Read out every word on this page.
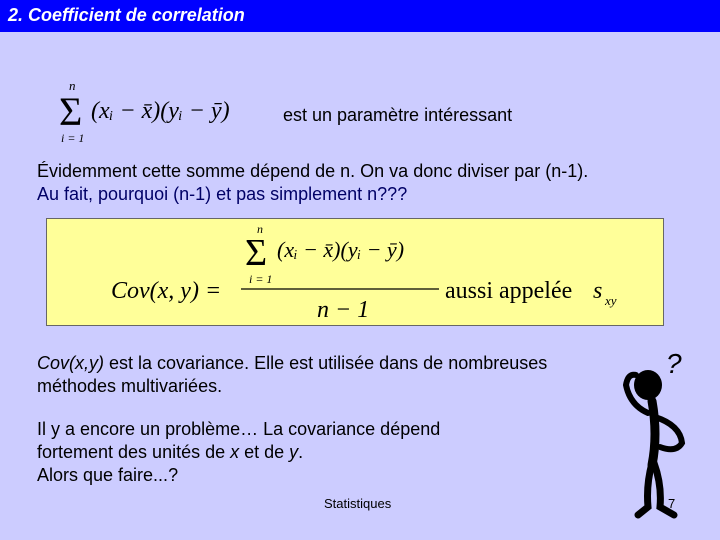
2. Coefficient de correlation
n
Σ
i = 1
(xᵢ − x̄)(yᵢ − ȳ)	est un paramètre intéressant
Évidemment cette somme dépend de n. On va donc diviser par (n-1).
Au fait, pourquoi (n-1) et pas simplement n???
Cov(x, y) =
n
Σ
i = 1
(xᵢ − x̄)(yᵢ − ȳ)
n − 1
aussi appelée s xy
Cov(x,y) est la covariance. Elle est utilisée dans de nombreuses méthodes multivariées.
Il y a encore un problème… La covariance dépend fortement des unités de x et de y.
Alors que faire...?
Statistiques	7
?
